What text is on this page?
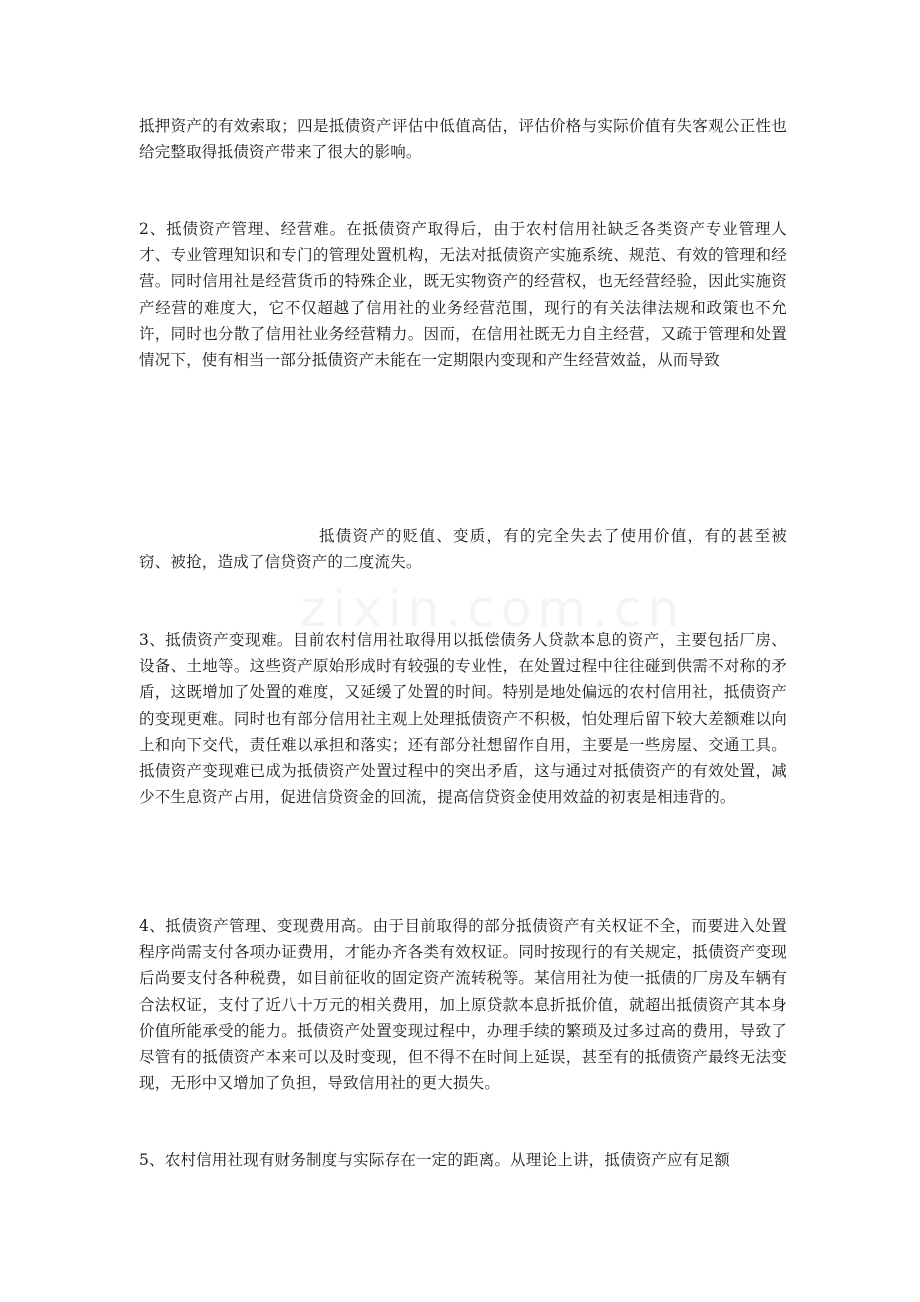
抵押资产的有效索取；四是抵债资产评估中低值高估，评估价格与实际价值有失客观公正性也给完整取得抵债资产带来了很大的影响。

2、抵债资产管理、经营难。在抵债资产取得后，由于农村信用社缺乏各类资产专业管理人才、专业管理知识和专门的管理处置机构，无法对抵债资产实施系统、规范、有效的管理和经营。同时信用社是经营货币的特殊企业，既无实物资产的经营权，也无经营经验，因此实施资产经营的难度大，它不仅超越了信用社的业务经营范围，现行的有关法律法规和政策也不允许，同时也分散了信用社业务经营精力。因而，在信用社既无力自主经营，又疏于管理和处置情况下，使有相当一部分抵债资产未能在一定期限内变现和产生经营效益，从而导致

抵债资产的贬值、变质，有的完全失去了使用价值，有的甚至被窃、被抢，造成了信贷资产的二度流失。

3、抵债资产变现难。目前农村信用社取得用以抵偿债务人贷款本息的资产，主要包括厂房、设备、土地等。这些资产原始形成时有较强的专业性，在处置过程中往往碰到供需不对称的矛盾，这既增加了处置的难度，又延缓了处置的时间。特别是地处偏远的农村信用社，抵债资产的变现更难。同时也有部分信用社主观上处理抵债资产不积极，怕处理后留下较大差额难以向上和向下交代，责任难以承担和落实；还有部分社想留作自用，主要是一些房屋、交通工具。抵债资产变现难已成为抵债资产处置过程中的突出矛盾，这与通过对抵债资产的有效处置，减少不生息资产占用，促进信贷资金的回流，提高信贷资金使用效益的初衷是相违背的。

4、抵债资产管理、变现费用高。由于目前取得的部分抵债资产有关权证不全，而要进入处置程序尚需支付各项办证费用，才能办齐各类有效权证。同时按现行的有关规定，抵债资产变现后尚要支付各种税费，如目前征收的固定资产流转税等。某信用社为使一抵债的厂房及车辆有合法权证，支付了近八十万元的相关费用，加上原贷款本息折抵价值，就超出抵债资产其本身价值所能承受的能力。抵债资产处置变现过程中，办理手续的繁琐及过多过高的费用，导致了尽管有的抵债资产本来可以及时变现，但不得不在时间上延误，甚至有的抵债资产最终无法变现，无形中又增加了负担，导致信用社的更大损失。

5、农村信用社现有财务制度与实际存在一定的距离。从理论上讲，抵债资产应有足额
